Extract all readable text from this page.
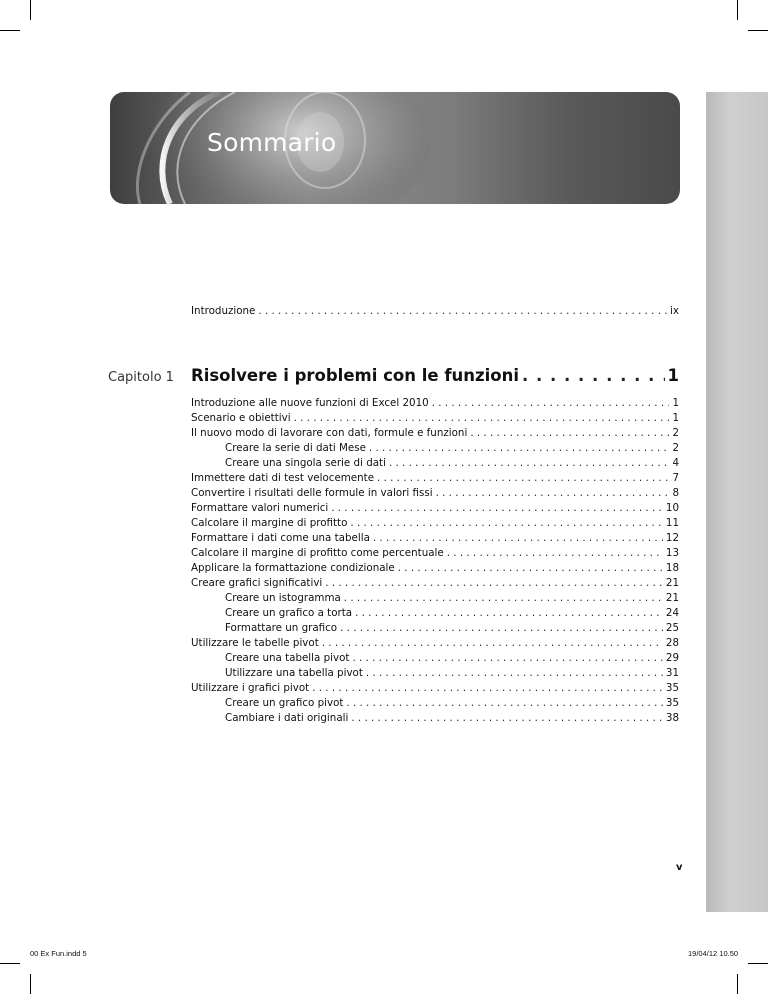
Sommario
Introduzione . . .	ix
Capitolo 1 Risolvere i problemi con le funzioni . . .	1
Introduzione alle nuove funzioni di Excel 2010 . . .	1
Scenario e obiettivi . . .	1
Il nuovo modo di lavorare con dati, formule e funzioni . . .	2
Creare la serie di dati Mese . . .	2
Creare una singola serie di dati . . .	4
Immettere dati di test velocemente . . .	7
Convertire i risultati delle formule in valori fissi . . .	8
Formattare valori numerici . . .	10
Calcolare il margine di profitto . . .	11
Formattare i dati come una tabella . . .	12
Calcolare il margine di profitto come percentuale . . .	13
Applicare la formattazione condizionale . . .	18
Creare grafici significativi . . .	21
Creare un istogramma . . .	21
Creare un grafico a torta . . .	24
Formattare un grafico . . .	25
Utilizzare le tabelle pivot . . .	28
Creare una tabella pivot . . .	29
Utilizzare una tabella pivot . . .	31
Utilizzare i grafici pivot . . .	35
Creare un grafico pivot . . .	35
Cambiare i dati originali . . .	38
v
00 Ex Fun.indd 5	19/04/12 10.50
